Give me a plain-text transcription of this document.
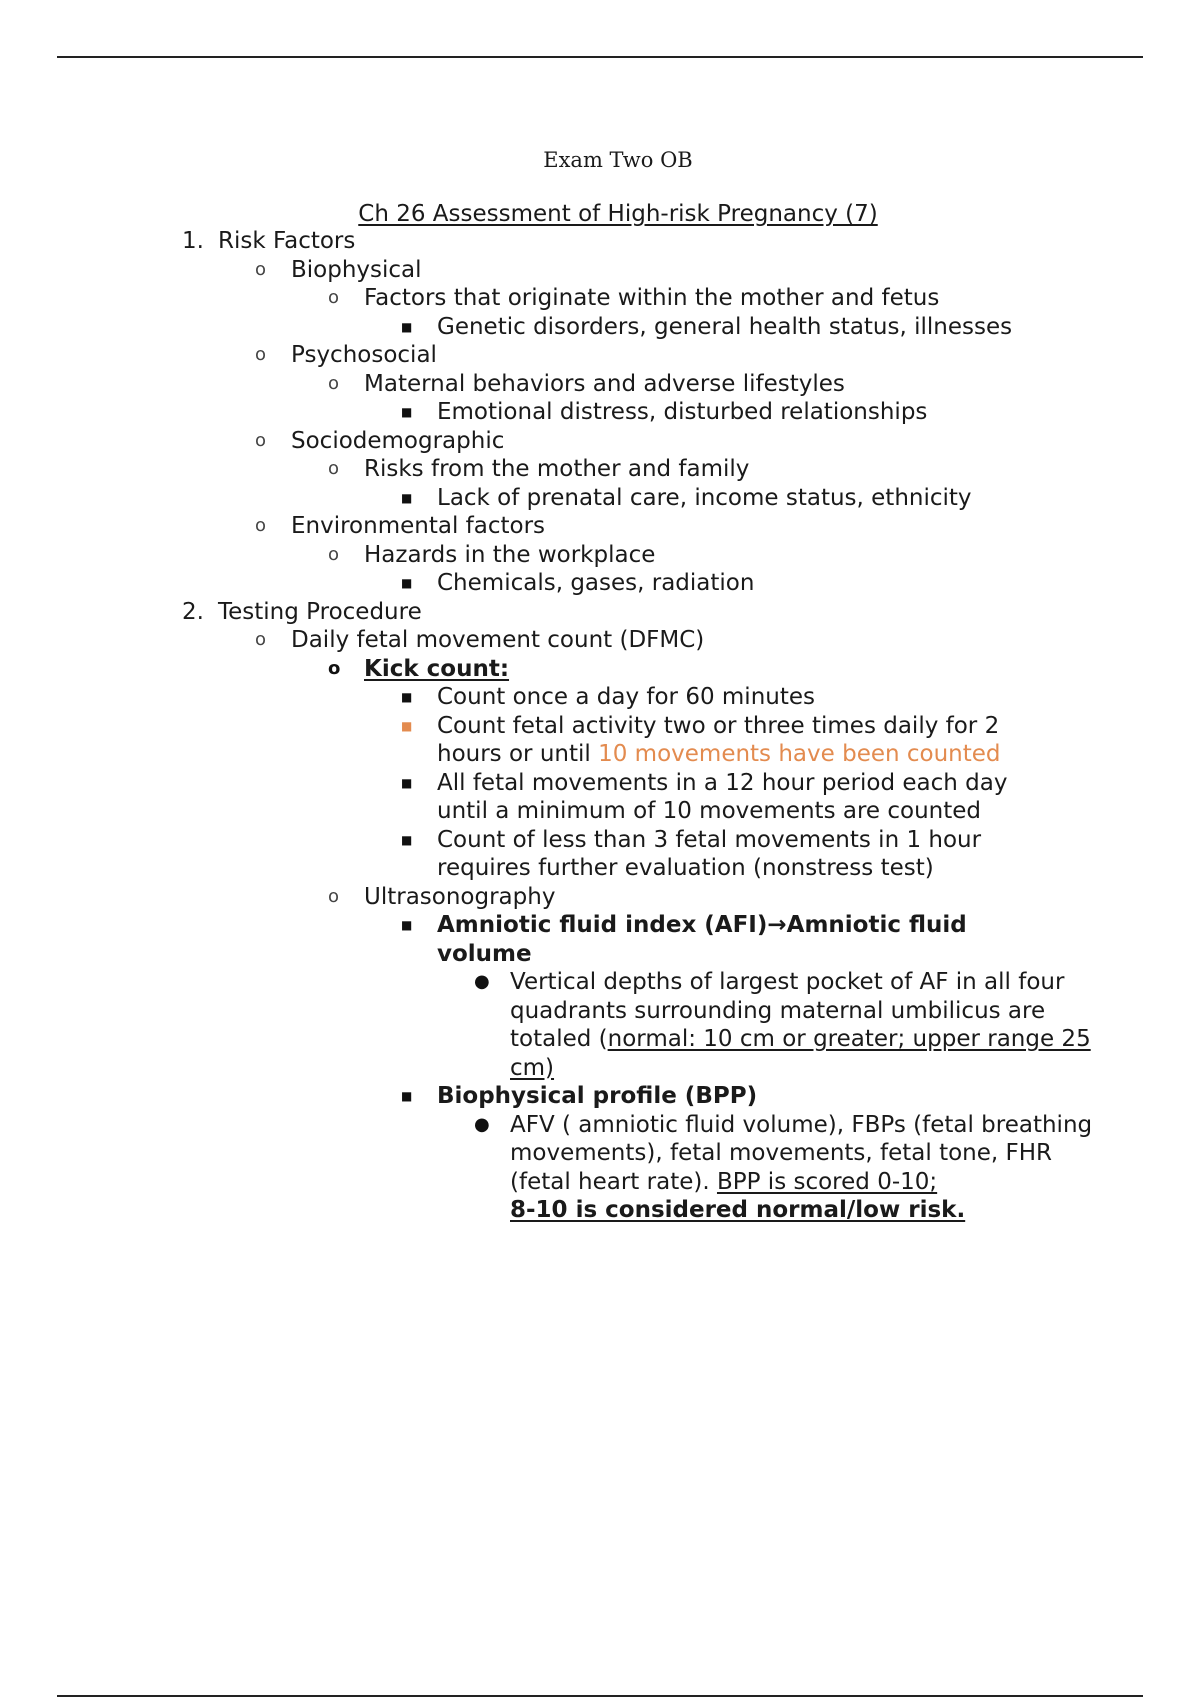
Exam Two OB
Ch 26 Assessment of High-risk Pregnancy (7)
1. Risk Factors
o Biophysical
o Factors that originate within the mother and fetus
■ Genetic disorders, general health status, illnesses
o Psychosocial
o Maternal behaviors and adverse lifestyles
■ Emotional distress, disturbed relationships
o Sociodemographic
o Risks from the mother and family
■ Lack of prenatal care, income status, ethnicity
o Environmental factors
o Hazards in the workplace
■ Chemicals, gases, radiation
2. Testing Procedure
o Daily fetal movement count (DFMC)
o Kick count:
■ Count once a day for 60 minutes
■ Count fetal activity two or three times daily for 2 hours or until 10 movements have been counted
■ All fetal movements in a 12 hour period each day until a minimum of 10 movements are counted
■ Count of less than 3 fetal movements in 1 hour requires further evaluation (nonstress test)
o Ultrasonography
■ Amniotic fluid index (AFI)→Amniotic fluid volume
● Vertical depths of largest pocket of AF in all four quadrants surrounding maternal umbilicus are totaled (normal: 10 cm or greater; upper range 25 cm)
■ Biophysical profile (BPP)
● AFV ( amniotic fluid volume), FBPs (fetal breathing movements), fetal movements, fetal tone, FHR (fetal heart rate). BPP is scored 0-10;
8-10 is considered normal/low risk.
